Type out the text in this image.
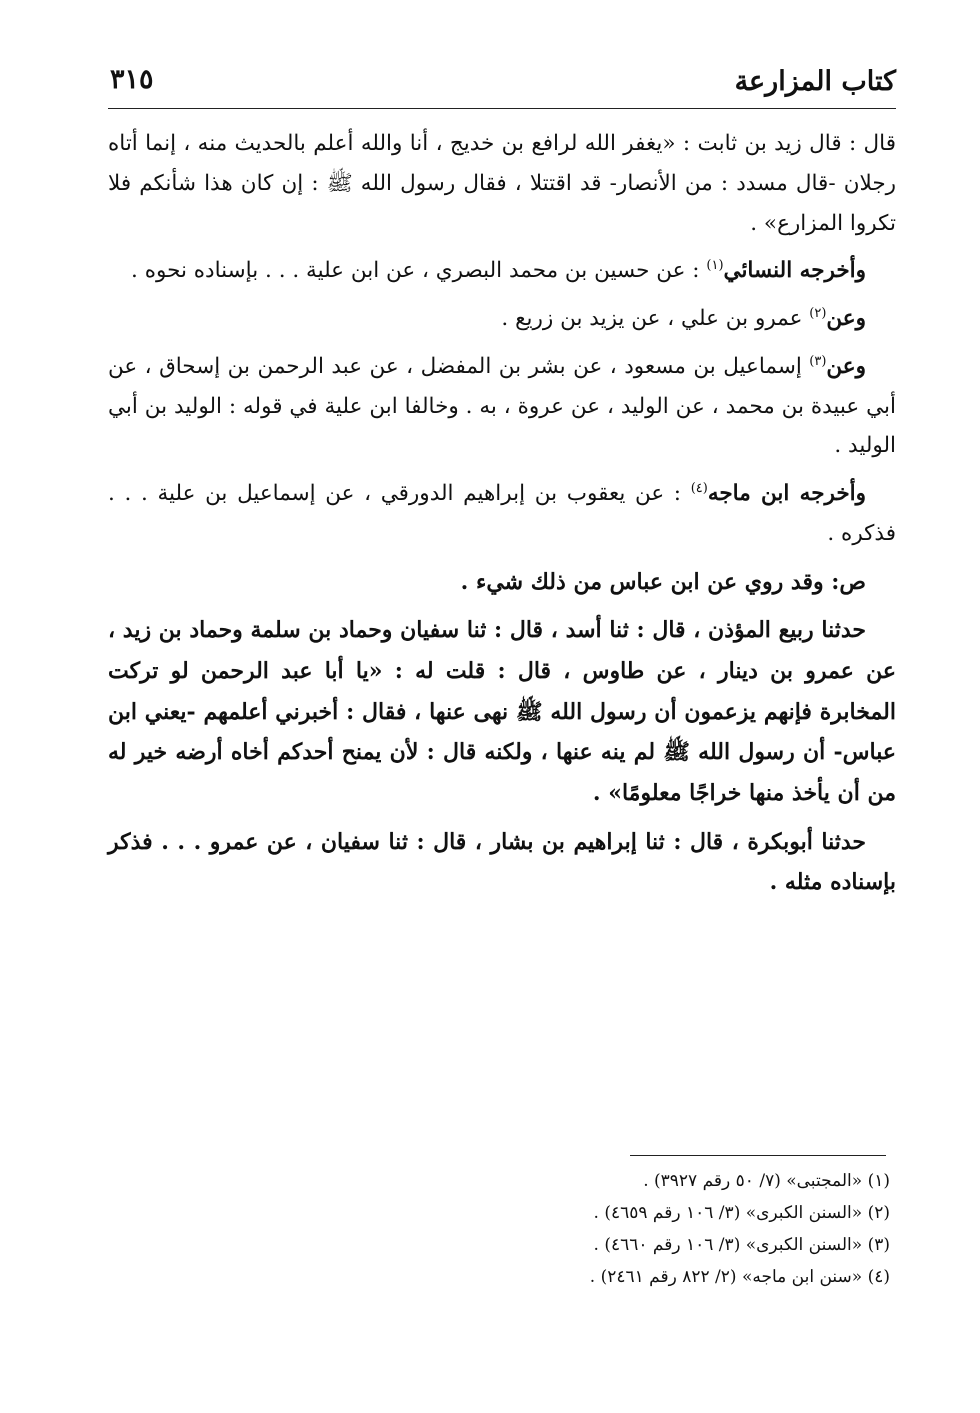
كتاب المزارعة
٣١٥

قال : قال زيد بن ثابت : «يغفر الله لرافع بن خديج ، أنا والله أعلم بالحديث منه ، إنما أتاه رجلان -قال مسدد : من الأنصار- قد اقتتلا ، فقال رسول الله ﷺ : إن كان هذا شأنكم فلا تكروا المزارع» .

وأخرجه النسائي$^{(١)}$ : عن حسين بن محمد البصري ، عن ابن علية . . . بإسناده نحوه .

وعن$^{(٢)}$ عمرو بن علي ، عن يزيد بن زريع .

وعن$^{(٣)}$ إسماعيل بن مسعود ، عن بشر بن المفضل ، عن عبد الرحمن بن إسحاق ، عن أبي عبيدة بن محمد ، عن الوليد ، عن عروة ، به . وخالفا ابن علية في قوله : الوليد بن أبي الوليد .

وأخرجه ابن ماجه$^{(٤)}$ : عن يعقوب بن إبراهيم الدورقي ، عن إسماعيل بن علية . . . فذكره .

ص: وقد روي عن ابن عباس من ذلك شيء .

حدثنا ربيع المؤذن ، قال : ثنا أسد ، قال : ثنا سفيان وحماد بن سلمة وحماد بن زيد ، عن عمرو بن دينار ، عن طاوس ، قال : قلت له : «يا أبا عبد الرحمن لو تركت المخابرة فإنهم يزعمون أن رسول الله ﷺ نهى عنها ، فقال : أخبرني أعلمهم -يعني ابن عباس- أن رسول الله ﷺ لم ينه عنها ، ولكنه قال : لأن يمنح أحدكم أخاه أرضه خير له من أن يأخذ منها خراجًا معلومًا» .

حدثنا أبوبكرة ، قال : ثنا إبراهيم بن بشار ، قال : ثنا سفيان ، عن عمرو . . . فذكر بإسناده مثله .

(١) «المجتبى» (٧/ ٥٠ رقم ٣٩٢٧) .

(٢) «السنن الكبرى» (٣/ ١٠٦ رقم ٤٦٥٩) .

(٣) «السنن الكبرى» (٣/ ١٠٦ رقم ٤٦٦٠) .

(٤) «سنن ابن ماجه» (٢/ ٨٢٢ رقم ٢٤٦١) .
